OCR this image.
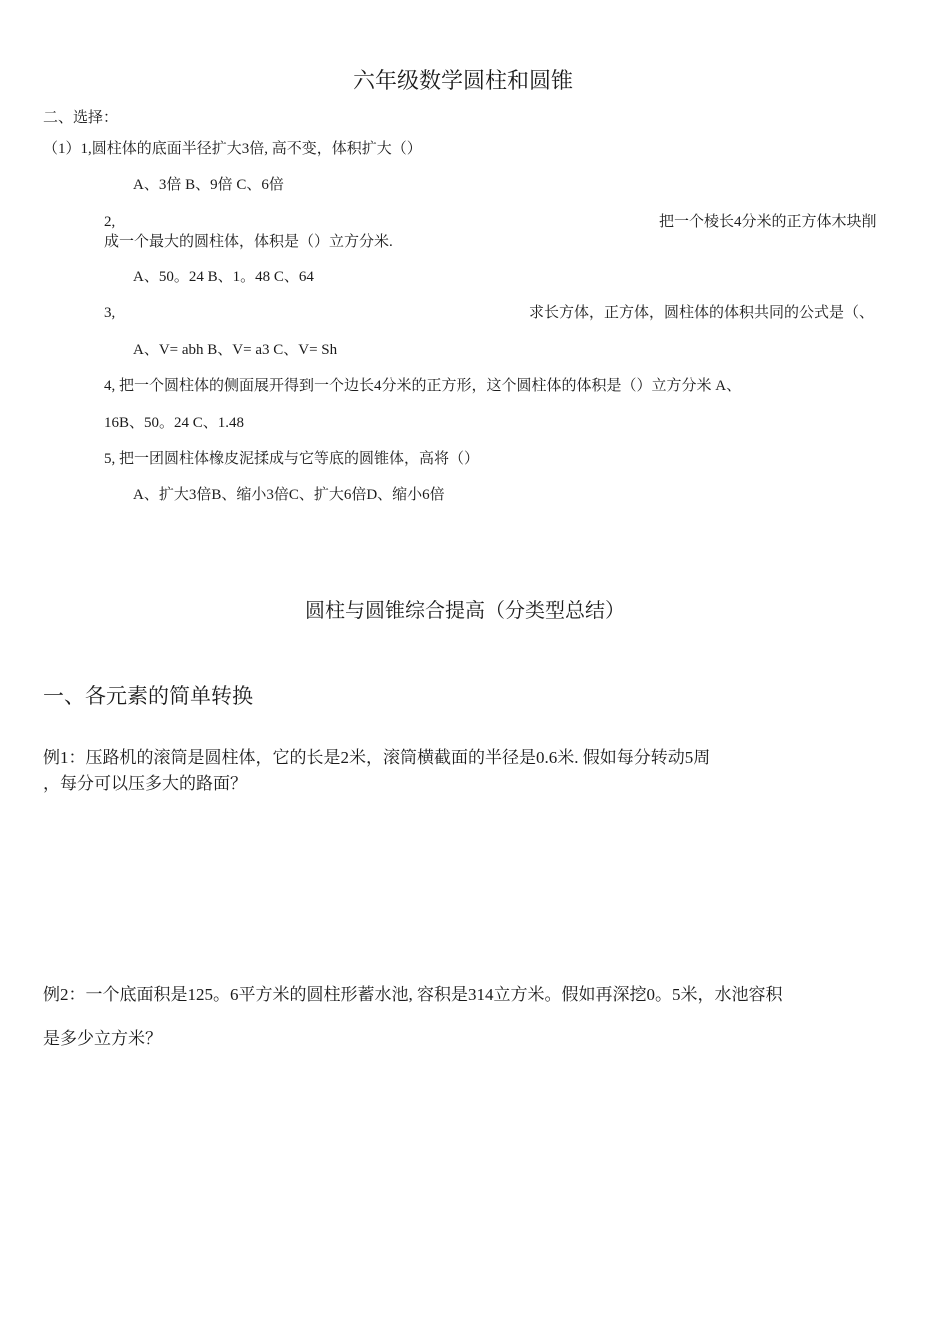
六年级数学圆柱和圆锥
二、选择：
（1）1,圆柱体的底面半径扩大3倍, 高不变，体积扩大（）
A、3倍 B、9倍 C、6倍
2,	把一个棱长4分米的正方体木块削
成一个最大的圆柱体，体积是（）立方分米.
A、50。24 B、1。48 C、64
3,	求长方体，正方体，圆柱体的体积共同的公式是（、
A、V= abh B、V= a3 C、V= Sh
4, 把一个圆柱体的侧面展开得到一个边长4分米的正方形，这个圆柱体的体积是（）立方分米 A、
16B、50。24 C、1.48
5, 把一团圆柱体橡皮泥揉成与它等底的圆锥体，高将（）
A、扩大3倍B、缩小3倍C、扩大6倍D、缩小6倍
圆柱与圆锥综合提高（分类型总结）
一、各元素的简单转换
例1：压路机的滚筒是圆柱体，它的长是2米，滚筒横截面的半径是0.6米. 假如每分转动5周
，每分可以压多大的路面？
例2：一个底面积是125。6平方米的圆柱形蓄水池, 容积是314立方米。假如再深挖0。5米，水池容积
是多少立方米？
